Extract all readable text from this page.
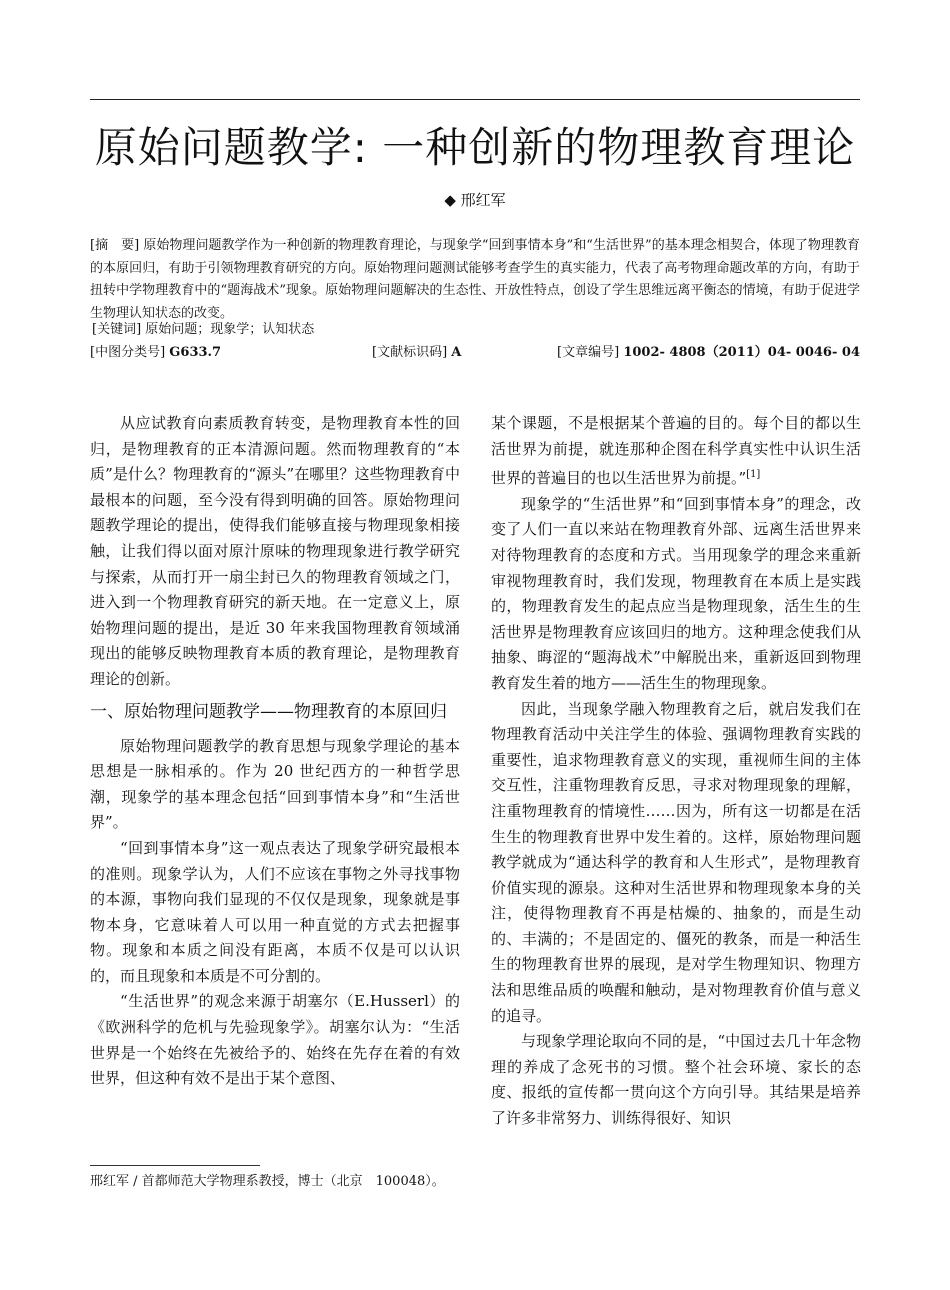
原始问题教学: 一种创新的物理教育理论
◆ 邢红军
[摘　要] 原始物理问题教学作为一种创新的物理教育理论，与现象学“回到事情本身”和“生活世界”的基本理念相契合，体现了物理教育的本原回归，有助于引领物理教育研究的方向。原始物理问题测试能够考查学生的真实能力，代表了高考物理命题改革的方向，有助于扭转中学物理教育中的“题海战术”现象。原始物理问题解决的生态性、开放性特点，创设了学生思维远离平衡态的情境，有助于促进学生物理认知状态的改变。
[关键词] 原始问题；现象学；认知状态
[中图分类号] G633.7	[文献标识码] A	[文章编号] 1002- 4808（2011）04- 0046- 04

从应试教育向素质教育转变，是物理教育本性的回归，是物理教育的正本清源问题。然而物理教育的“本质”是什么？物理教育的“源头”在哪里？这些物理教育中最根本的问题，至今没有得到明确的回答。原始物理问题教学理论的提出，使得我们能够直接与物理现象相接触，让我们得以面对原汁原味的物理现象进行教学研究与探索，从而打开一扇尘封已久的物理教育领域之门，进入到一个物理教育研究的新天地。在一定意义上，原始物理问题的提出，是近 30 年来我国物理教育领域涌现出的能够反映物理教育本质的教育理论，是物理教育理论的创新。

一、原始物理问题教学——物理教育的本原回归

原始物理问题教学的教育思想与现象学理论的基本思想是一脉相承的。作为 20 世纪西方的一种哲学思潮，现象学的基本理念包括“回到事情本身”和“生活世界”。

“回到事情本身”这一观点表达了现象学研究最根本的准则。现象学认为，人们不应该在事物之外寻找事物的本源，事物向我们显现的不仅仅是现象，现象就是事物本身，它意味着人可以用一种直觉的方式去把握事物。现象和本质之间没有距离，本质不仅是可以认识的，而且现象和本质是不可分割的。

“生活世界”的观念来源于胡塞尔（E.Husserl）的《欧洲科学的危机与先验现象学》。胡塞尔认为：“生活世界是一个始终在先被给予的、始终在先存在着的有效世界，但这种有效不是出于某个意图、

某个课题，不是根据某个普遍的目的。每个目的都以生活世界为前提，就连那种企图在科学真实性中认识生活世界的普遍目的也以生活世界为前提。”[1]

现象学的“生活世界”和“回到事情本身”的理念，改变了人们一直以来站在物理教育外部、远离生活世界来对待物理教育的态度和方式。当用现象学的理念来重新审视物理教育时，我们发现，物理教育在本质上是实践的，物理教育发生的起点应当是物理现象，活生生的生活世界是物理教育应该回归的地方。这种理念使我们从抽象、晦涩的“题海战术”中解脱出来，重新返回到物理教育发生着的地方——活生生的物理现象。

因此，当现象学融入物理教育之后，就启发我们在物理教育活动中关注学生的体验、强调物理教育实践的重要性，追求物理教育意义的实现，重视师生间的主体交互性，注重物理教育反思，寻求对物理现象的理解，注重物理教育的情境性……因为，所有这一切都是在活生生的物理教育世界中发生着的。这样，原始物理问题教学就成为“通达科学的教育和人生形式”，是物理教育价值实现的源泉。这种对生活世界和物理现象本身的关注，使得物理教育不再是枯燥的、抽象的，而是生动的、丰满的；不是固定的、僵死的教条，而是一种活生生的物理教育世界的展现，是对学生物理知识、物理方法和思维品质的唤醒和触动，是对物理教育价值与意义的追寻。

与现象学理论取向不同的是，“中国过去几十年念物理的养成了念死书的习惯。整个社会环境、家长的态度、报纸的宣传都一贯向这个方向引导。其结果是培养了许多非常努力、训练得很好、知识

邢红军 / 首都师范大学物理系教授，博士（北京　100048）。
